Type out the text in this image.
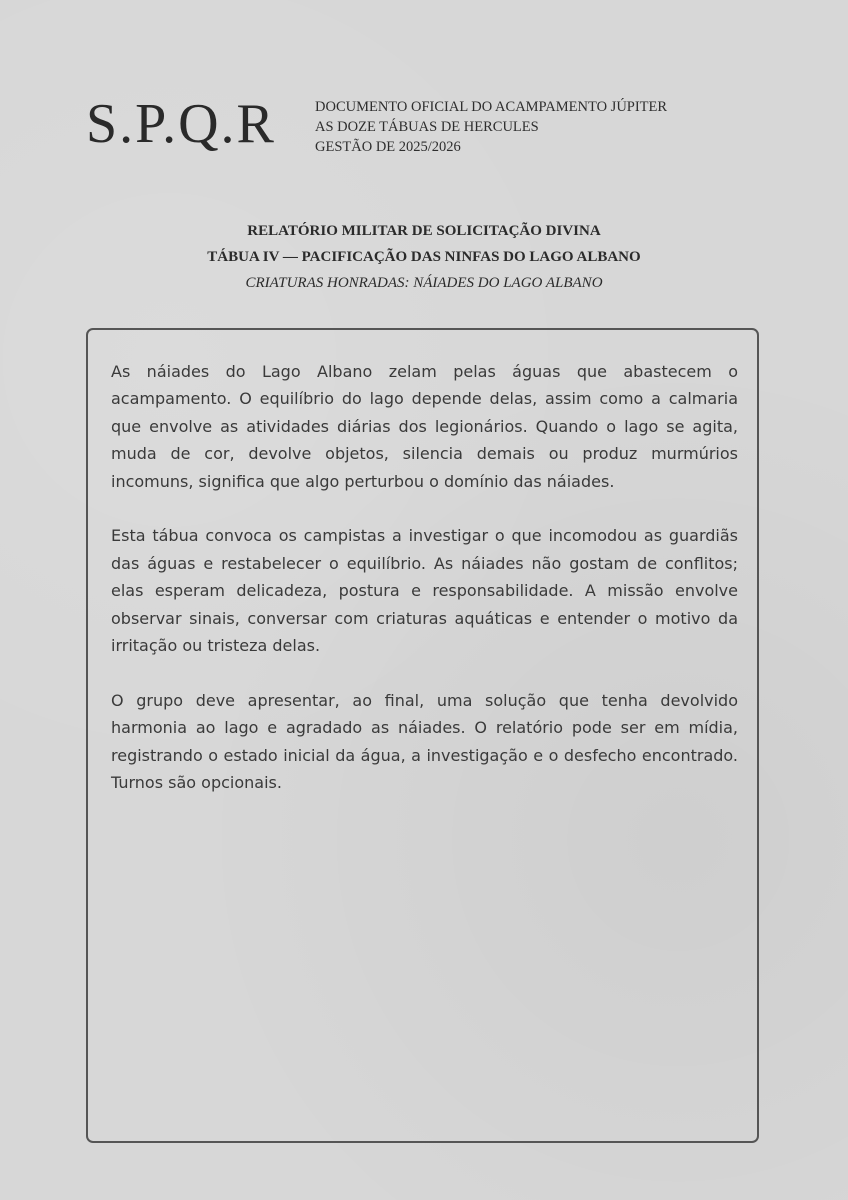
S.P.Q.R	DOCUMENTO OFICIAL DO ACAMPAMENTO JÚPITER
AS DOZE TÁBUAS DE HERCULES
GESTÃO DE 2025/2026
RELATÓRIO MILITAR DE SOLICITAÇÃO DIVINA
TÁBUA IV — PACIFICAÇÃO DAS NINFAS DO LAGO ALBANO
CRIATURAS HONRADAS: NÁIADES DO LAGO ALBANO

As náiades do Lago Albano zelam pelas águas que abastecem o acampamento. O equilíbrio do lago depende delas, assim como a calmaria que envolve as atividades diárias dos legionários. Quando o lago se agita, muda de cor, devolve objetos, silencia demais ou produz murmúrios incomuns, significa que algo perturbou o domínio das náiades.

Esta tábua convoca os campistas a investigar o que incomodou as guardiãs das águas e restabelecer o equilíbrio. As náiades não gostam de conflitos; elas esperam delicadeza, postura e responsabilidade. A missão envolve observar sinais, conversar com criaturas aquáticas e entender o motivo da irritação ou tristeza delas.

O grupo deve apresentar, ao final, uma solução que tenha devolvido harmonia ao lago e agradado as náiades. O relatório pode ser em mídia, registrando o estado inicial da água, a investigação e o desfecho encontrado. Turnos são opcionais.
